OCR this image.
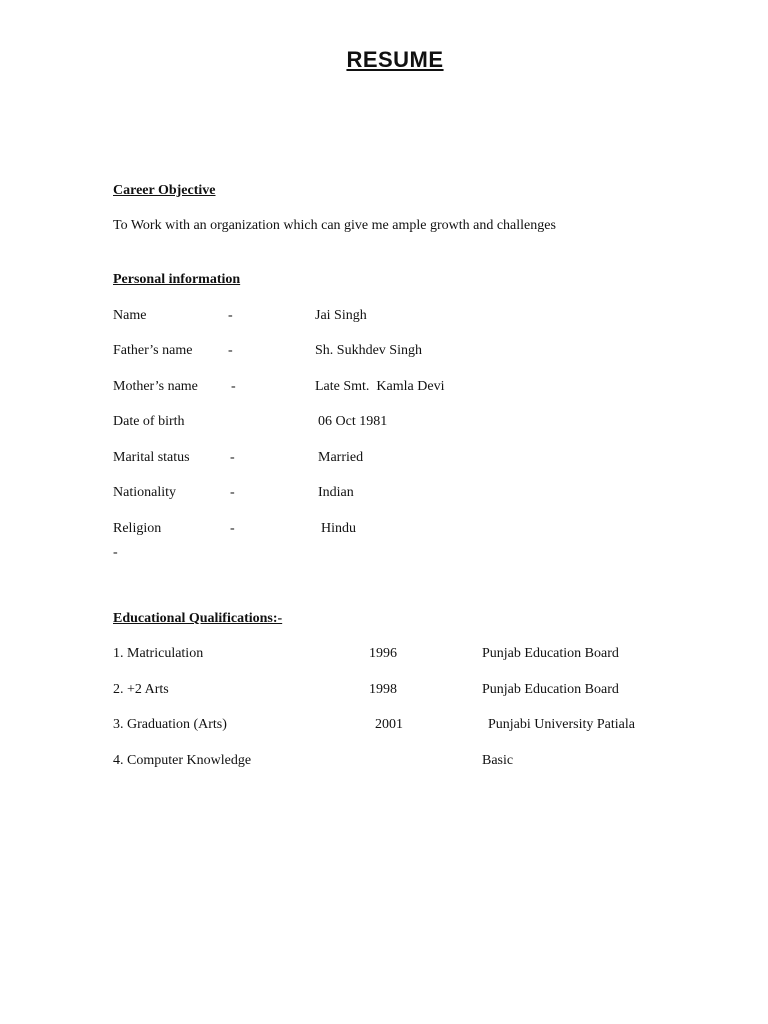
RESUME
Career Objective
To Work with an organization which can give me ample growth and challenges
Personal information
Name	-	Jai Singh
Father’s name	-	Sh. Sukhdev Singh
Mother’s name -	Late Smt.  Kamla Devi
Date of birth	06 Oct 1981
Marital status	-	Married
Nationality	-	Indian
Religion	-	Hindu
-
Educational Qualifications:-
1. Matriculation	1996	Punjab Education Board
2. +2 Arts	1998	Punjab Education Board
3. Graduation (Arts)	2001	Punjabi University Patiala
4. Computer Knowledge	Basic
